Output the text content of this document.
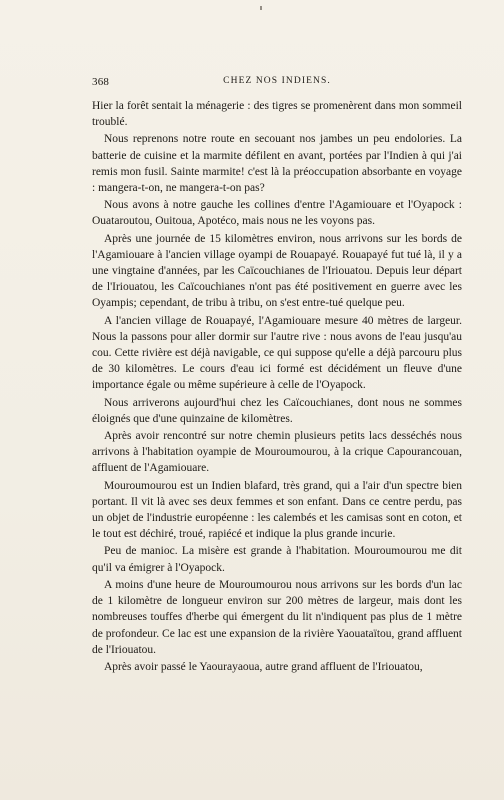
368	CHEZ NOS INDIENS.

Hier la forêt sentait la ménagerie : des tigres se promenèrent dans mon sommeil troublé.

Nous reprenons notre route en secouant nos jambes un peu endolories. La batterie de cuisine et la marmite défilent en avant, portées par l'Indien à qui j'ai remis mon fusil. Sainte marmite! c'est là la préoccupation absorbante en voyage : mangera-t-on, ne mangera-t-on pas?

Nous avons à notre gauche les collines d'entre l'Agamiouare et l'Oyapock : Ouataroutou, Ouitoua, Apotéco, mais nous ne les voyons pas.

Après une journée de 15 kilomètres environ, nous arrivons sur les bords de l'Agamiouare à l'ancien village oyampi de Rouapayé. Rouapayé fut tué là, il y a une vingtaine d'années, par les Caïcouchianes de l'Iriouatou. Depuis leur départ de l'Iriouatou, les Caïcouchianes n'ont pas été positivement en guerre avec les Oyampis; cependant, de tribu à tribu, on s'est entre-tué quelque peu.

A l'ancien village de Rouapayé, l'Agamiouare mesure 40 mètres de largeur. Nous la passons pour aller dormir sur l'autre rive : nous avons de l'eau jusqu'au cou. Cette rivière est déjà navigable, ce qui suppose qu'elle a déjà parcouru plus de 30 kilomètres. Le cours d'eau ici formé est décidément un fleuve d'une importance égale ou même supérieure à celle de l'Oyapock.

Nous arriverons aujourd'hui chez les Caïcouchianes, dont nous ne sommes éloignés que d'une quinzaine de kilomètres.

Après avoir rencontré sur notre chemin plusieurs petits lacs desséchés nous arrivons à l'habitation oyampie de Mouroumourou, à la crique Capourancouan, affluent de l'Agamiouare.

Mouroumourou est un Indien blafard, très grand, qui a l'air d'un spectre bien portant. Il vit là avec ses deux femmes et son enfant. Dans ce centre perdu, pas un objet de l'industrie européenne : les calembés et les camisas sont en coton, et le tout est déchiré, troué, rapiécé et indique la plus grande incurie.

Peu de manioc. La misère est grande à l'habitation. Mouroumourou me dit qu'il va émigrer à l'Oyapock.

A moins d'une heure de Mouroumourou nous arrivons sur les bords d'un lac de 1 kilomètre de longueur environ sur 200 mètres de largeur, mais dont les nombreuses touffes d'herbe qui émergent du lit n'indiquent pas plus de 1 mètre de profondeur. Ce lac est une expansion de la rivière Yaouataïtou, grand affluent de l'Iriouatou.

Après avoir passé le Yaourayaoua, autre grand affluent de l'Iriouatou,
